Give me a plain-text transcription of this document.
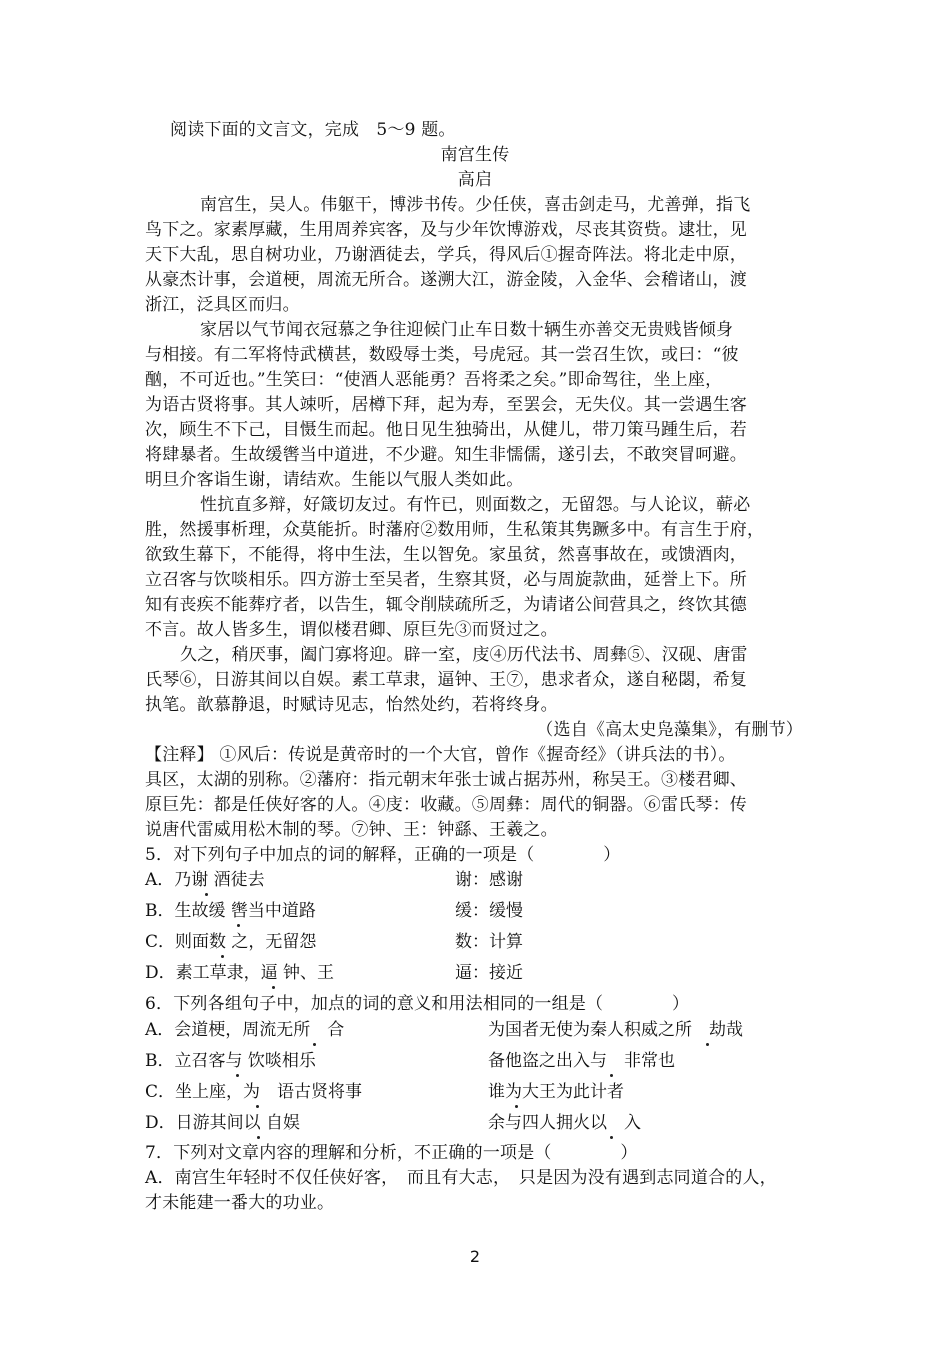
阅读下面的文言文，完成　5～9 题。
南宫生传
高启
南宫生，吴人。伟躯干，博涉书传。少任侠，喜击剑走马，尤善弹，指飞
鸟下之。家素厚藏，生用周养宾客，及与少年饮博游戏，尽丧其资赀。逮壮，见
天下大乱，思自树功业，乃谢酒徒去，学兵，得风后①握奇阵法。将北走中原，
从豪杰计事，会道梗，周流无所合。遂溯大江，游金陵，入金华、会稽诸山，渡
浙江，泛具区而归。
家居以气节闻衣冠慕之争往迎候门止车日数十辆生亦善交无贵贱皆倾身
与相接。有二军将恃武横甚，数殴辱士类，号虎冠。其一尝召生饮，或曰：“彼
酗，不可近也。”生笑曰：“使酒人恶能勇？吾将柔之矣。”即命驾往，坐上座，
为语古贤将事。其人竦听，居樽下拜，起为寿，至罢会，无失仪。其一尝遇生客
次，顾生不下己，目慑生而起。他日见生独骑出，从健儿，带刀策马踵生后，若
将肆暴者。生故缓辔当中道进，不少避。知生非懦儒，遂引去，不敢突冒呵避。
明旦介客诣生谢，请结欢。生能以气服人类如此。
性抗直多辩，好箴切友过。有忤已，则面数之，无留怨。与人论议，蕲必
胜，然援事析理，众莫能折。时藩府②数用师，生私策其隽蹶多中。有言生于府，
欲致生幕下，不能得，将中生法，生以智免。家虽贫，然喜事故在，或馈酒肉，
立召客与饮啖相乐。四方游士至吴者，生察其贤，必与周旋款曲，延誉上下。所
知有丧疾不能葬疗者，以告生，辄令削牍疏所乏，为请诸公间营具之，终饮其德
不言。故人皆多生，谓似楼君卿、原巨先③而贤过之。
久之，稍厌事，阖门寡将迎。辟一室，庋④历代法书、周彝⑤、汉砚、唐雷
氏琴⑥，日游其间以自娱。素工草隶，逼钟、王⑦，患求者众，遂自秘閟，希复
执笔。歆慕静退，时赋诗见志，怡然处约，若将终身。
（选自《高太史凫藻集》，有删节）
【注释】 ①风后：传说是黄帝时的一个大官，曾作《握奇经》（讲兵法的书）。
具区，太湖的别称。②藩府：指元朝末年张士诚占据苏州，称吴王。③楼君卿、
原巨先：都是任侠好客的人。④庋：收藏。⑤周彝：周代的铜器。⑥雷氏琴：传
说唐代雷威用松木制的琴。⑦钟、王：钟繇、王羲之。
5．对下列句子中加点的词的解释，正确的一项是（　　　　）
A．乃谢 酒徒去	谢：感谢
B．生故缓 辔当中道路	缓：缓慢
C．则面数 之，无留怨	数：计算
D．素工草隶，逼 钟、王	逼：接近
6．下列各组句子中，加点的词的意义和用法相同的一组是（　　　　）
A．会道梗，周流无所　合	为国者无使为秦人积威之所　劫哉
B．立召客与 饮啖相乐	备他盗之出入与　非常也
C．坐上座，为　语古贤将事	谁为大王为此计者
D．日游其间以 自娱	余与四人拥火以　入
7．下列对文章内容的理解和分析，不正确的一项是（　　　　）
A．南宫生年轻时不仅任侠好客，　而且有大志，　只是因为没有遇到志同道合的人，
才未能建一番大的功业。
2
